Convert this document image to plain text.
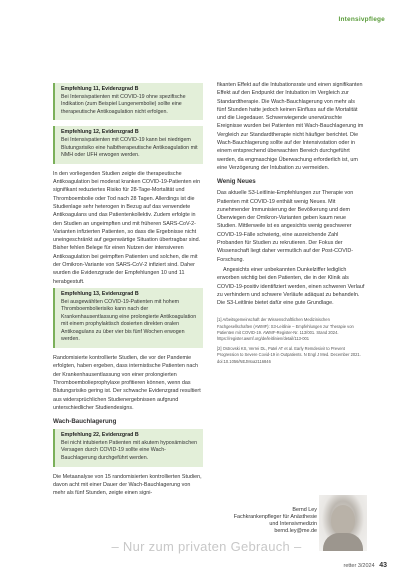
Intensivpflege
Empfehlung 11, Evidenzgrad B
Bei Intensivpatienten mit COVID-19 ohne spezifische Indikation (zum Beispiel Lungenembolie) sollte eine therapeutische Antikoagulation nicht erfolgen.
Empfehlung 12, Evidenzgrad B
Bei Intensivpatienten mit COVID-19 kann bei niedrigem Blutungsrisiko eine halbtherapeutische Antikoagulation mit NMH oder UFH erwogen werden.

In den vorliegenden Studien zeigte die therapeutische Antikoagulation bei moderat kranken COVID-19-Patienten ein signifikant reduziertes Risiko für 28-Tage-Mortalität und Thromboembolie oder Tod nach 28 Tagen. Allerdings ist die Studienlage sehr heterogen in Bezug auf das verwendete Antikoagulans und das Patientenkollektiv. Zudem erfolgte in den Studien an ungeimpften und mit früheren SARS-CoV-2-Varianten infizierten Patienten, so dass die Ergebnisse nicht uneingeschränkt auf gegenwärtige Situation übertragbar sind. Bisher fehlen Belege für einen Nutzen der intensiveren Antikoagulation bei geimpften Patienten und solchen, die mit der Omikron-Variante von SARS-CoV-2 infiziert sind. Daher wurden die Evidenzgrade der Empfehlungen 10 und 11 herabgestuft.

Empfehlung 13, Evidenzgrad B
Bei ausgewählten COVID-19-Patienten mit hohem Thromboembolierisiko kann nach der Krankenhausentlassung eine prolongierte Antikoagulation mit einem prophylaktisch dosierten direkten oralen Antikoagulans zu über vier bis fünf Wochen erwogen werden.

Randomisierte kontrollierte Studien, die vor der Pandemie erfolgten, haben ergeben, dass internistische Patienten nach der Krankenhausentlassung von einer prolongierten Thromboembolieprophylaxe profitieren können, wenn das Blutungsrisiko gering ist. Der schwache Evidenzgrad resultiert aus widersprüchlichen Studienergebnissen aufgrund unterschiedlicher Studiendesigns.

Wach-Bauchlagerung
Empfehlung 22, Evidenzgrad B
Bei nicht intubierten Patienten mit akutem hypoxämischen Versagen durch COVID-19 sollte eine Wach-Bauchlagerung durchgeführt werden.

Die Metaanalyse von 15 randomisierten kontrollierten Studien, davon acht mit einer Dauer der Wach-Bauchlagerung von mehr als fünf Stunden, zeigte einen signi-

fikanten Effekt auf die Intubationsrate und einen signifikanten Effekt auf den Endpunkt der Intubation im Vergleich zur Standardtherapie. Die Wach-Bauchlagerung von mehr als fünf Stunden hatte jedoch keinen Einfluss auf die Mortalität und die Liegedauer. Schwerwiegende unerwünschte Ereignisse wurden bei Patienten mit Wach-Bauchlagerung im Vergleich zur Standardtherapie nicht häufiger berichtet. Die Wach-Bauchlagerung sollte auf der Intensivstation oder in einem entsprechend überwachten Bereich durchgeführt werden, da engmaschige Überwachung erforderlich ist, um eine Verzögerung der Intubation zu vermeiden.

Wenig Neues

Das aktuelle S3-Leitlinie-Empfehlungen zur Therapie von Patienten mit COVID-19 enthält wenig Neues. Mit zunehmender Immunisierung der Bevölkerung und dem Überwiegen der Omikron-Varianten geben kaum neue Studien. Mittlerweile ist es angesichts wenig geschwerer COVID-19-Fälle schwierig, eine ausreichende Zahl Probanden für Studien zu rekrutieren. Der Fokus der Wissenschaft liegt daher vermutlich auf der Post-COVID-Forschung.

Angesichts einer unbekannten Dunkelziffer lediglich erworben wichtig bei den Patienten, die in der Klinik als COVID-19-positiv identifiziert werden, einen schweren Verlauf zu verhindern und schwere Verläufe adäquat zu behandeln. Die S3-Leitlinie bietet dafür eine gute Grundlage.

[1] Arbeitsgemeinschaft der Wissenschaftlichen Medizinischen Fachgesellschaften (AWMF): S3-Leitlinie – Empfehlungen zur Therapie von Patienten mit COVID-19. AWMF-Register-Nr. 113/001. Stand 2024. https://register.awmf.org/de/leitlinien/detail/113-001
[2] Ostrovski KS, Verrei DL, Patel AT et al. Early Remdesivir to Prevent Progression to Severe Covid-19 in Outpatients. N Engl J Med. December 2021. doi:10.1056/NEJMoa2116846
Bernd Ley
Fachkrankenpfleger für Anästhesie und Intensivmedizin
bernd.ley@me.de
– Nur zum privaten Gebrauch –
retter 3/2024 43
